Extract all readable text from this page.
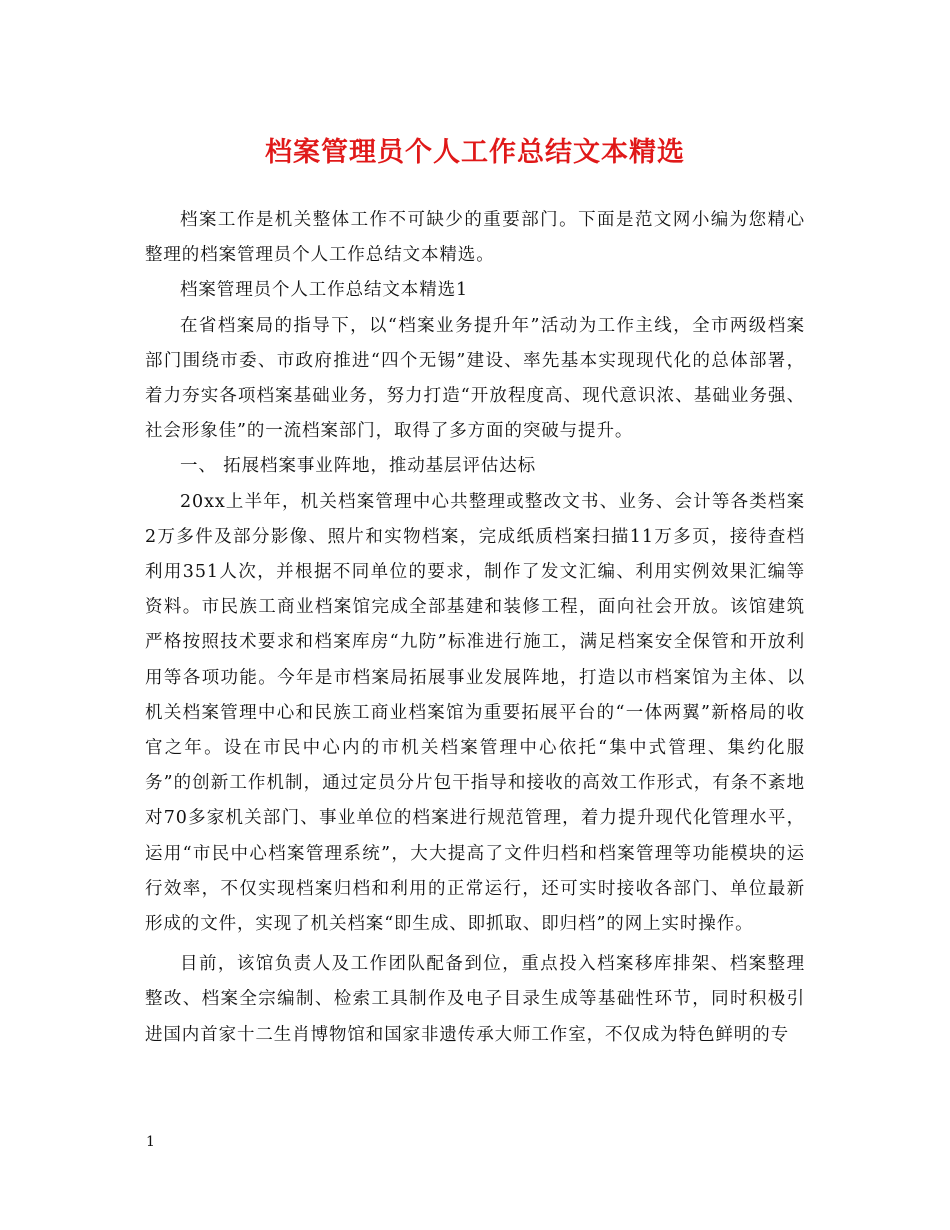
档案管理员个人工作总结文本精选

档案工作是机关整体工作不可缺少的重要部门。下面是范文网小编为您精心整理的档案管理员个人工作总结文本精选。

档案管理员个人工作总结文本精选1

在省档案局的指导下，以“档案业务提升年”活动为工作主线，全市两级档案部门围绕市委、市政府推进“四个无锡”建设、率先基本实现现代化的总体部署，着力夯实各项档案基础业务，努力打造“开放程度高、现代意识浓、基础业务强、社会形象佳”的一流档案部门，取得了多方面的突破与提升。

一、 拓展档案事业阵地，推动基层评估达标

20xx上半年，机关档案管理中心共整理或整改文书、业务、会计等各类档案2万多件及部分影像、照片和实物档案，完成纸质档案扫描11万多页，接待查档利用351人次，并根据不同单位的要求，制作了发文汇编、利用实例效果汇编等资料。市民族工商业档案馆完成全部基建和装修工程，面向社会开放。该馆建筑严格按照技术要求和档案库房“九防”标准进行施工，满足档案安全保管和开放利用等各项功能。今年是市档案局拓展事业发展阵地，打造以市档案馆为主体、以机关档案管理中心和民族工商业档案馆为重要拓展平台的“一体两翼”新格局的收官之年。设在市民中心内的市机关档案管理中心依托“集中式管理、集约化服务”的创新工作机制，通过定员分片包干指导和接收的高效工作形式，有条不紊地对70多家机关部门、事业单位的档案进行规范管理，着力提升现代化管理水平，运用“市民中心档案管理系统”，大大提高了文件归档和档案管理等功能模块的运行效率，不仅实现档案归档和利用的正常运行，还可实时接收各部门、单位最新形成的文件，实现了机关档案“即生成、即抓取、即归档”的网上实时操作。

目前，该馆负责人及工作团队配备到位，重点投入档案移库排架、档案整理整改、档案全宗编制、检索工具制作及电子目录生成等基础性环节，同时积极引进国内首家十二生肖博物馆和国家非遗传承大师工作室，不仅成为特色鲜明的专

1
